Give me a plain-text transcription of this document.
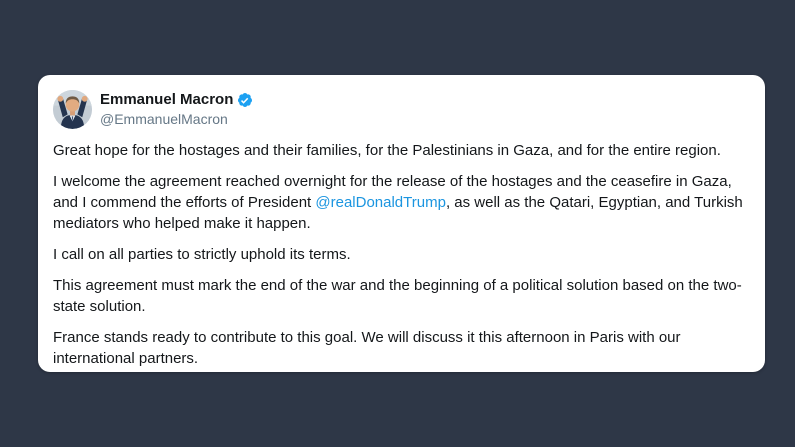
Emmanuel Macron
@EmmanuelMacron

Great hope for the hostages and their families, for the Palestinians in Gaza, and for the entire region.

I welcome the agreement reached overnight for the release of the hostages and the ceasefire in Gaza, and I commend the efforts of President @realDonaldTrump, as well as the Qatari, Egyptian, and Turkish mediators who helped make it happen.

I call on all parties to strictly uphold its terms.

This agreement must mark the end of the war and the beginning of a political solution based on the two-state solution.

France stands ready to contribute to this goal. We will discuss it this afternoon in Paris with our international partners.
